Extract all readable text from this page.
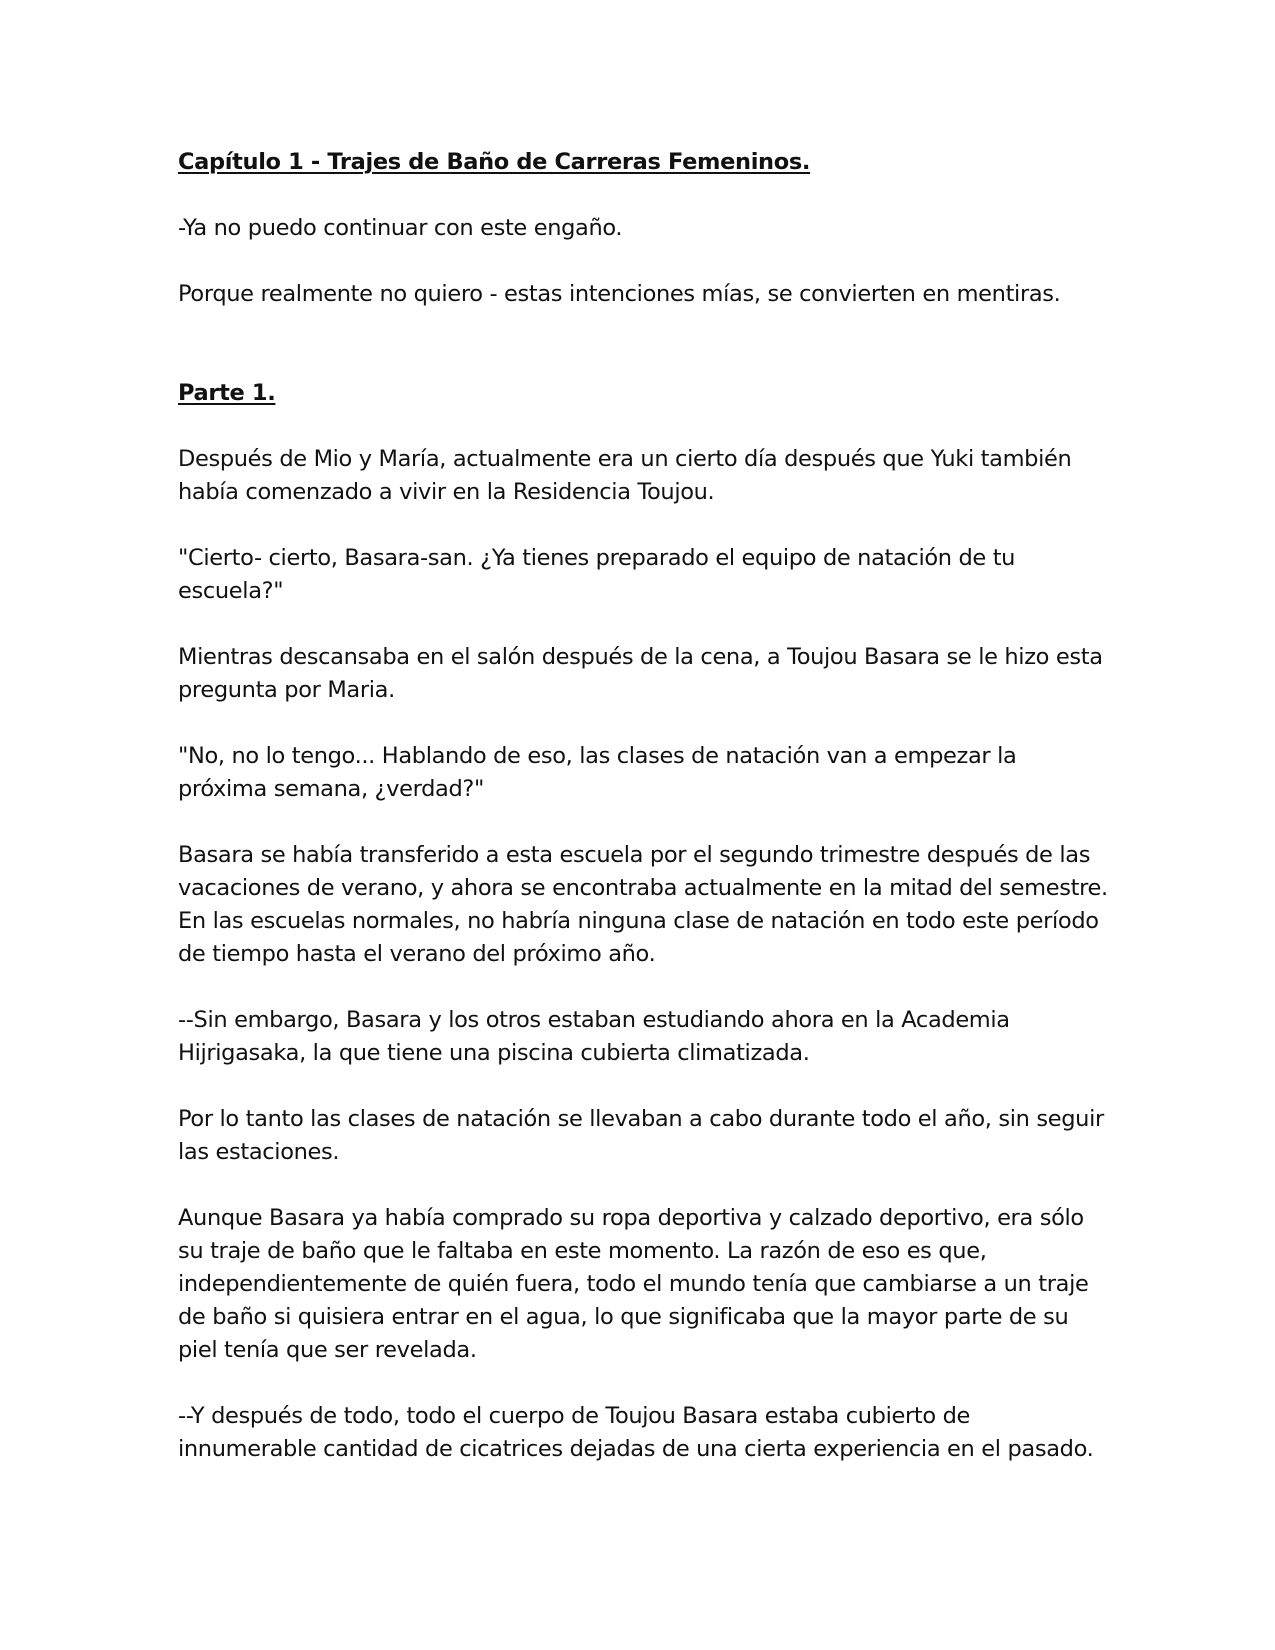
Capítulo 1 - Trajes de Baño de Carreras Femeninos.

-Ya no puedo continuar con este engaño.

Porque realmente no quiero - estas intenciones mías, se convierten en mentiras.

Parte 1.

Después de Mio y María, actualmente era un cierto día después que Yuki también había comenzado a vivir en la Residencia Toujou.

"Cierto- cierto, Basara-san. ¿Ya tienes preparado el equipo de natación de tu escuela?"

Mientras descansaba en el salón después de la cena, a Toujou Basara se le hizo esta pregunta por Maria.

"No, no lo tengo... Hablando de eso, las clases de natación van a empezar la próxima semana, ¿verdad?"

Basara se había transferido a esta escuela por el segundo trimestre después de las vacaciones de verano, y ahora se encontraba actualmente en la mitad del semestre. En las escuelas normales, no habría ninguna clase de natación en todo este período de tiempo hasta el verano del próximo año.

--Sin embargo, Basara y los otros estaban estudiando ahora en la Academia Hijrigasaka, la que tiene una piscina cubierta climatizada.

Por lo tanto las clases de natación se llevaban a cabo durante todo el año, sin seguir las estaciones.

Aunque Basara ya había comprado su ropa deportiva y calzado deportivo, era sólo su traje de baño que le faltaba en este momento. La razón de eso es que, independientemente de quién fuera, todo el mundo tenía que cambiarse a un traje de baño si quisiera entrar en el agua, lo que significaba que la mayor parte de su piel tenía que ser revelada.

--Y después de todo, todo el cuerpo de Toujou Basara estaba cubierto de innumerable cantidad de cicatrices dejadas de una cierta experiencia en el pasado.
